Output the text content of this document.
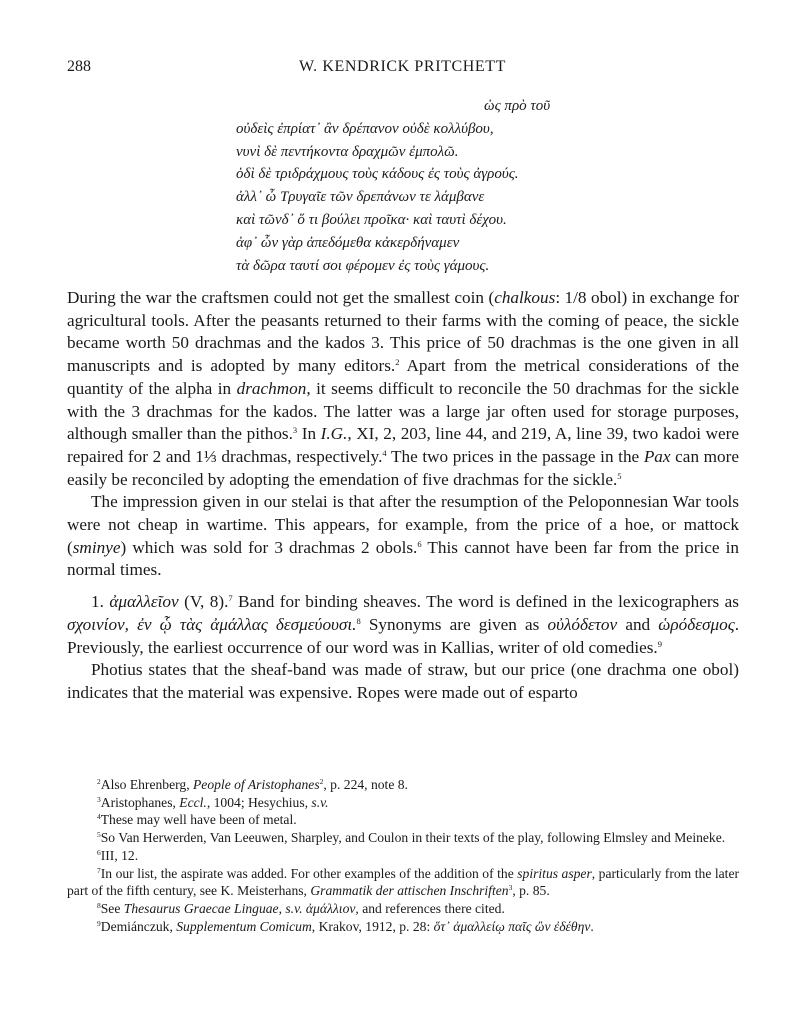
288	W. KENDRICK PRITCHETT
ὡς πρὸ τοῦ
οὐδεὶς ἐπρίατ᾽ ἂν δρέπανον οὐδὲ κολλύβου,
νυνὶ δὲ πεντήκοντα δραχμῶν ἐμπολῶ.
ὁδὶ δὲ τριδράχμους τοὺς κάδους ἐς τοὺς ἀγρούς.
ἀλλ᾽ ὦ Τρυγαῖε τῶν δρεπάνων τε λάμβανε
καὶ τῶνδ᾽ ὅ τι βούλει προῖκα· καὶ ταυτὶ δέχου.
ἀφ᾽ ὧν γὰρ ἀπεδόμεθα κἀκερδήναμεν
τὰ δῶρα ταυτί σοι φέρομεν ἐς τοὺς γάμους.

During the war the craftsmen could not get the smallest coin (chalkous: 1/8 obol) in exchange for agricultural tools. After the peasants returned to their farms with the coming of peace, the sickle became worth 50 drachmas and the kados 3. This price of 50 drachmas is the one given in all manuscripts and is adopted by many editors.$^2$ Apart from the metrical considerations of the quantity of the alpha in drachmon, it seems difficult to reconcile the 50 drachmas for the sickle with the 3 drachmas for the kados. The latter was a large jar often used for storage purposes, although smaller than the pithos.$^3$ In I.G., XI, 2, 203, line 44, and 219, A, line 39, two kadoi were repaired for 2 and 1⅓ drachmas, respectively.$^4$ The two prices in the passage in the Pax can more easily be reconciled by adopting the emendation of five drachmas for the sickle.$^5$

The impression given in our stelai is that after the resumption of the Peloponnesian War tools were not cheap in wartime. This appears, for example, from the price of a hoe, or mattock (sminye) which was sold for 3 drachmas 2 obols.$^6$ This cannot have been far from the price in normal times.

1. ἀμαλλεῖον (V, 8).$^7$ Band for binding sheaves. The word is defined in the lexicographers as σχοινίον, ἐν ᾧ τὰς ἀμάλλας δεσμεύουσι.$^8$ Synonyms are given as οὐλόδετον and ὡρόδεσμος. Previously, the earliest occurrence of our word was in Kallias, writer of old comedies.$^9$

Photius states that the sheaf-band was made of straw, but our price (one drachma one obol) indicates that the material was expensive. Ropes were made out of esparto

$^2$Also Ehrenberg, People of Aristophanes$^2$, p. 224, note 8.

$^3$Aristophanes, Eccl., 1004; Hesychius, s.v.

$^4$These may well have been of metal.

$^5$So Van Herwerden, Van Leeuwen, Sharpley, and Coulon in their texts of the play, following Elmsley and Meineke.

$^6$III, 12.

$^7$In our list, the aspirate was added. For other examples of the addition of the spiritus asper, particularly from the later part of the fifth century, see K. Meisterhans, Grammatik der attischen Inschriften$^3$, p. 85.

$^8$See Thesaurus Graecae Linguae, s.v. ἀμάλλιον, and references there cited.

$^9$Demiánczuk, Supplementum Comicum, Krakov, 1912, p. 28: ὅτ᾽ ἀμαλλείῳ παῖς ὢν ἐδέθην.
